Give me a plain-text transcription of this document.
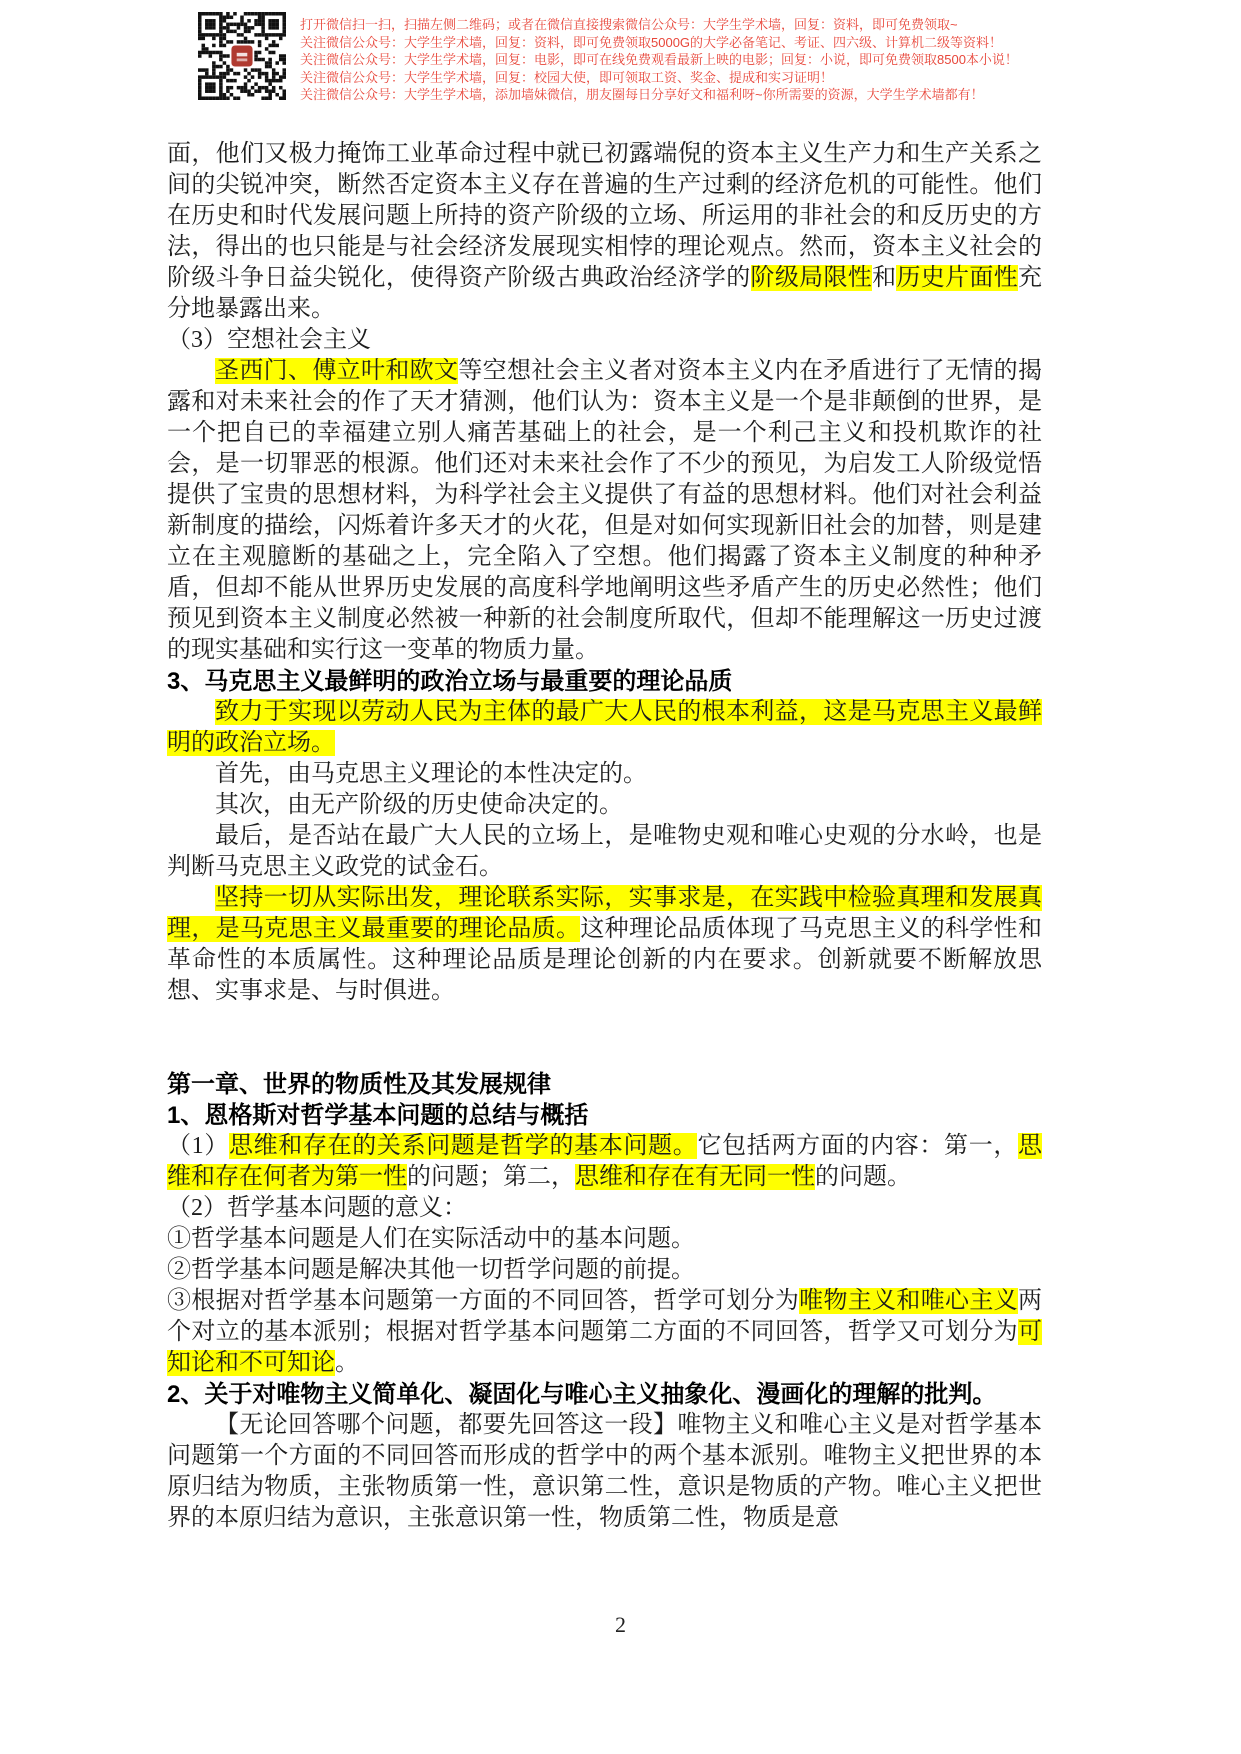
打开微信扫一扫，扫描左侧二维码；或者在微信直接搜索微信公众号：大学生学术墙，回复：资料，即可免费领取~
关注微信公众号：大学生学术墙，回复：资料，即可免费领取5000G的大学必备笔记、考证、四六级、计算机二级等资料！
关注微信公众号：大学生学术墙，回复：电影，即可在线免费观看最新上映的电影；回复：小说，即可免费领取8500本小说！
关注微信公众号：大学生学术墙，回复：校园大使，即可领取工资、奖金、提成和实习证明！
关注微信公众号：大学生学术墙，添加墙妹微信，朋友圈每日分享好文和福利呀~你所需要的资源，大学生学术墙都有！

面，他们又极力掩饰工业革命过程中就已初露端倪的资本主义生产力和生产关系之间的尖锐冲突，断然否定资本主义存在普遍的生产过剩的经济危机的可能性。他们在历史和时代发展问题上所持的资产阶级的立场、所运用的非社会的和反历史的方法，得出的也只能是与社会经济发展现实相悖的理论观点。然而，资本主义社会的阶级斗争日益尖锐化，使得资产阶级古典政治经济学的阶级局限性和历史片面性充分地暴露出来。

（3）空想社会主义

圣西门、傅立叶和欧文等空想社会主义者对资本主义内在矛盾进行了无情的揭露和对未来社会的作了天才猜测，他们认为：资本主义是一个是非颠倒的世界，是一个把自已的幸福建立别人痛苦基础上的社会，是一个利己主义和投机欺诈的社会，是一切罪恶的根源。他们还对未来社会作了不少的预见，为启发工人阶级觉悟提供了宝贵的思想材料，为科学社会主义提供了有益的思想材料。他们对社会利益新制度的描绘，闪烁着许多天才的火花，但是对如何实现新旧社会的加替，则是建立在主观臆断的基础之上，完全陷入了空想。他们揭露了资本主义制度的种种矛盾，但却不能从世界历史发展的高度科学地阐明这些矛盾产生的历史必然性；他们预见到资本主义制度必然被一种新的社会制度所取代，但却不能理解这一历史过渡的现实基础和实行这一变革的物质力量。

3、马克思主义最鲜明的政治立场与最重要的理论品质

致力于实现以劳动人民为主体的最广大人民的根本利益，这是马克思主义最鲜明的政治立场。

首先，由马克思主义理论的本性决定的。

其次，由无产阶级的历史使命决定的。

最后，是否站在最广大人民的立场上，是唯物史观和唯心史观的分水岭，也是判断马克思主义政党的试金石。

坚持一切从实际出发，理论联系实际，实事求是，在实践中检验真理和发展真理，是马克思主义最重要的理论品质。这种理论品质体现了马克思主义的科学性和革命性的本质属性。这种理论品质是理论创新的内在要求。创新就要不断解放思想、实事求是、与时俱进。

第一章、世界的物质性及其发展规律

1、恩格斯对哲学基本问题的总结与概括

（1）思维和存在的关系问题是哲学的基本问题。它包括两方面的内容：第一，思维和存在何者为第一性的问题；第二，思维和存在有无同一性的问题。

（2）哲学基本问题的意义：

①哲学基本问题是人们在实际活动中的基本问题。

②哲学基本问题是解决其他一切哲学问题的前提。

③根据对哲学基本问题第一方面的不同回答，哲学可划分为唯物主义和唯心主义两个对立的基本派别；根据对哲学基本问题第二方面的不同回答，哲学又可划分为可知论和不可知论。

2、关于对唯物主义简单化、凝固化与唯心主义抽象化、漫画化的理解的批判。

【无论回答哪个问题，都要先回答这一段】唯物主义和唯心主义是对哲学基本问题第一个方面的不同回答而形成的哲学中的两个基本派别。唯物主义把世界的本原归结为物质，主张物质第一性，意识第二性，意识是物质的产物。唯心主义把世界的本原归结为意识，主张意识第一性，物质第二性，物质是意

2
